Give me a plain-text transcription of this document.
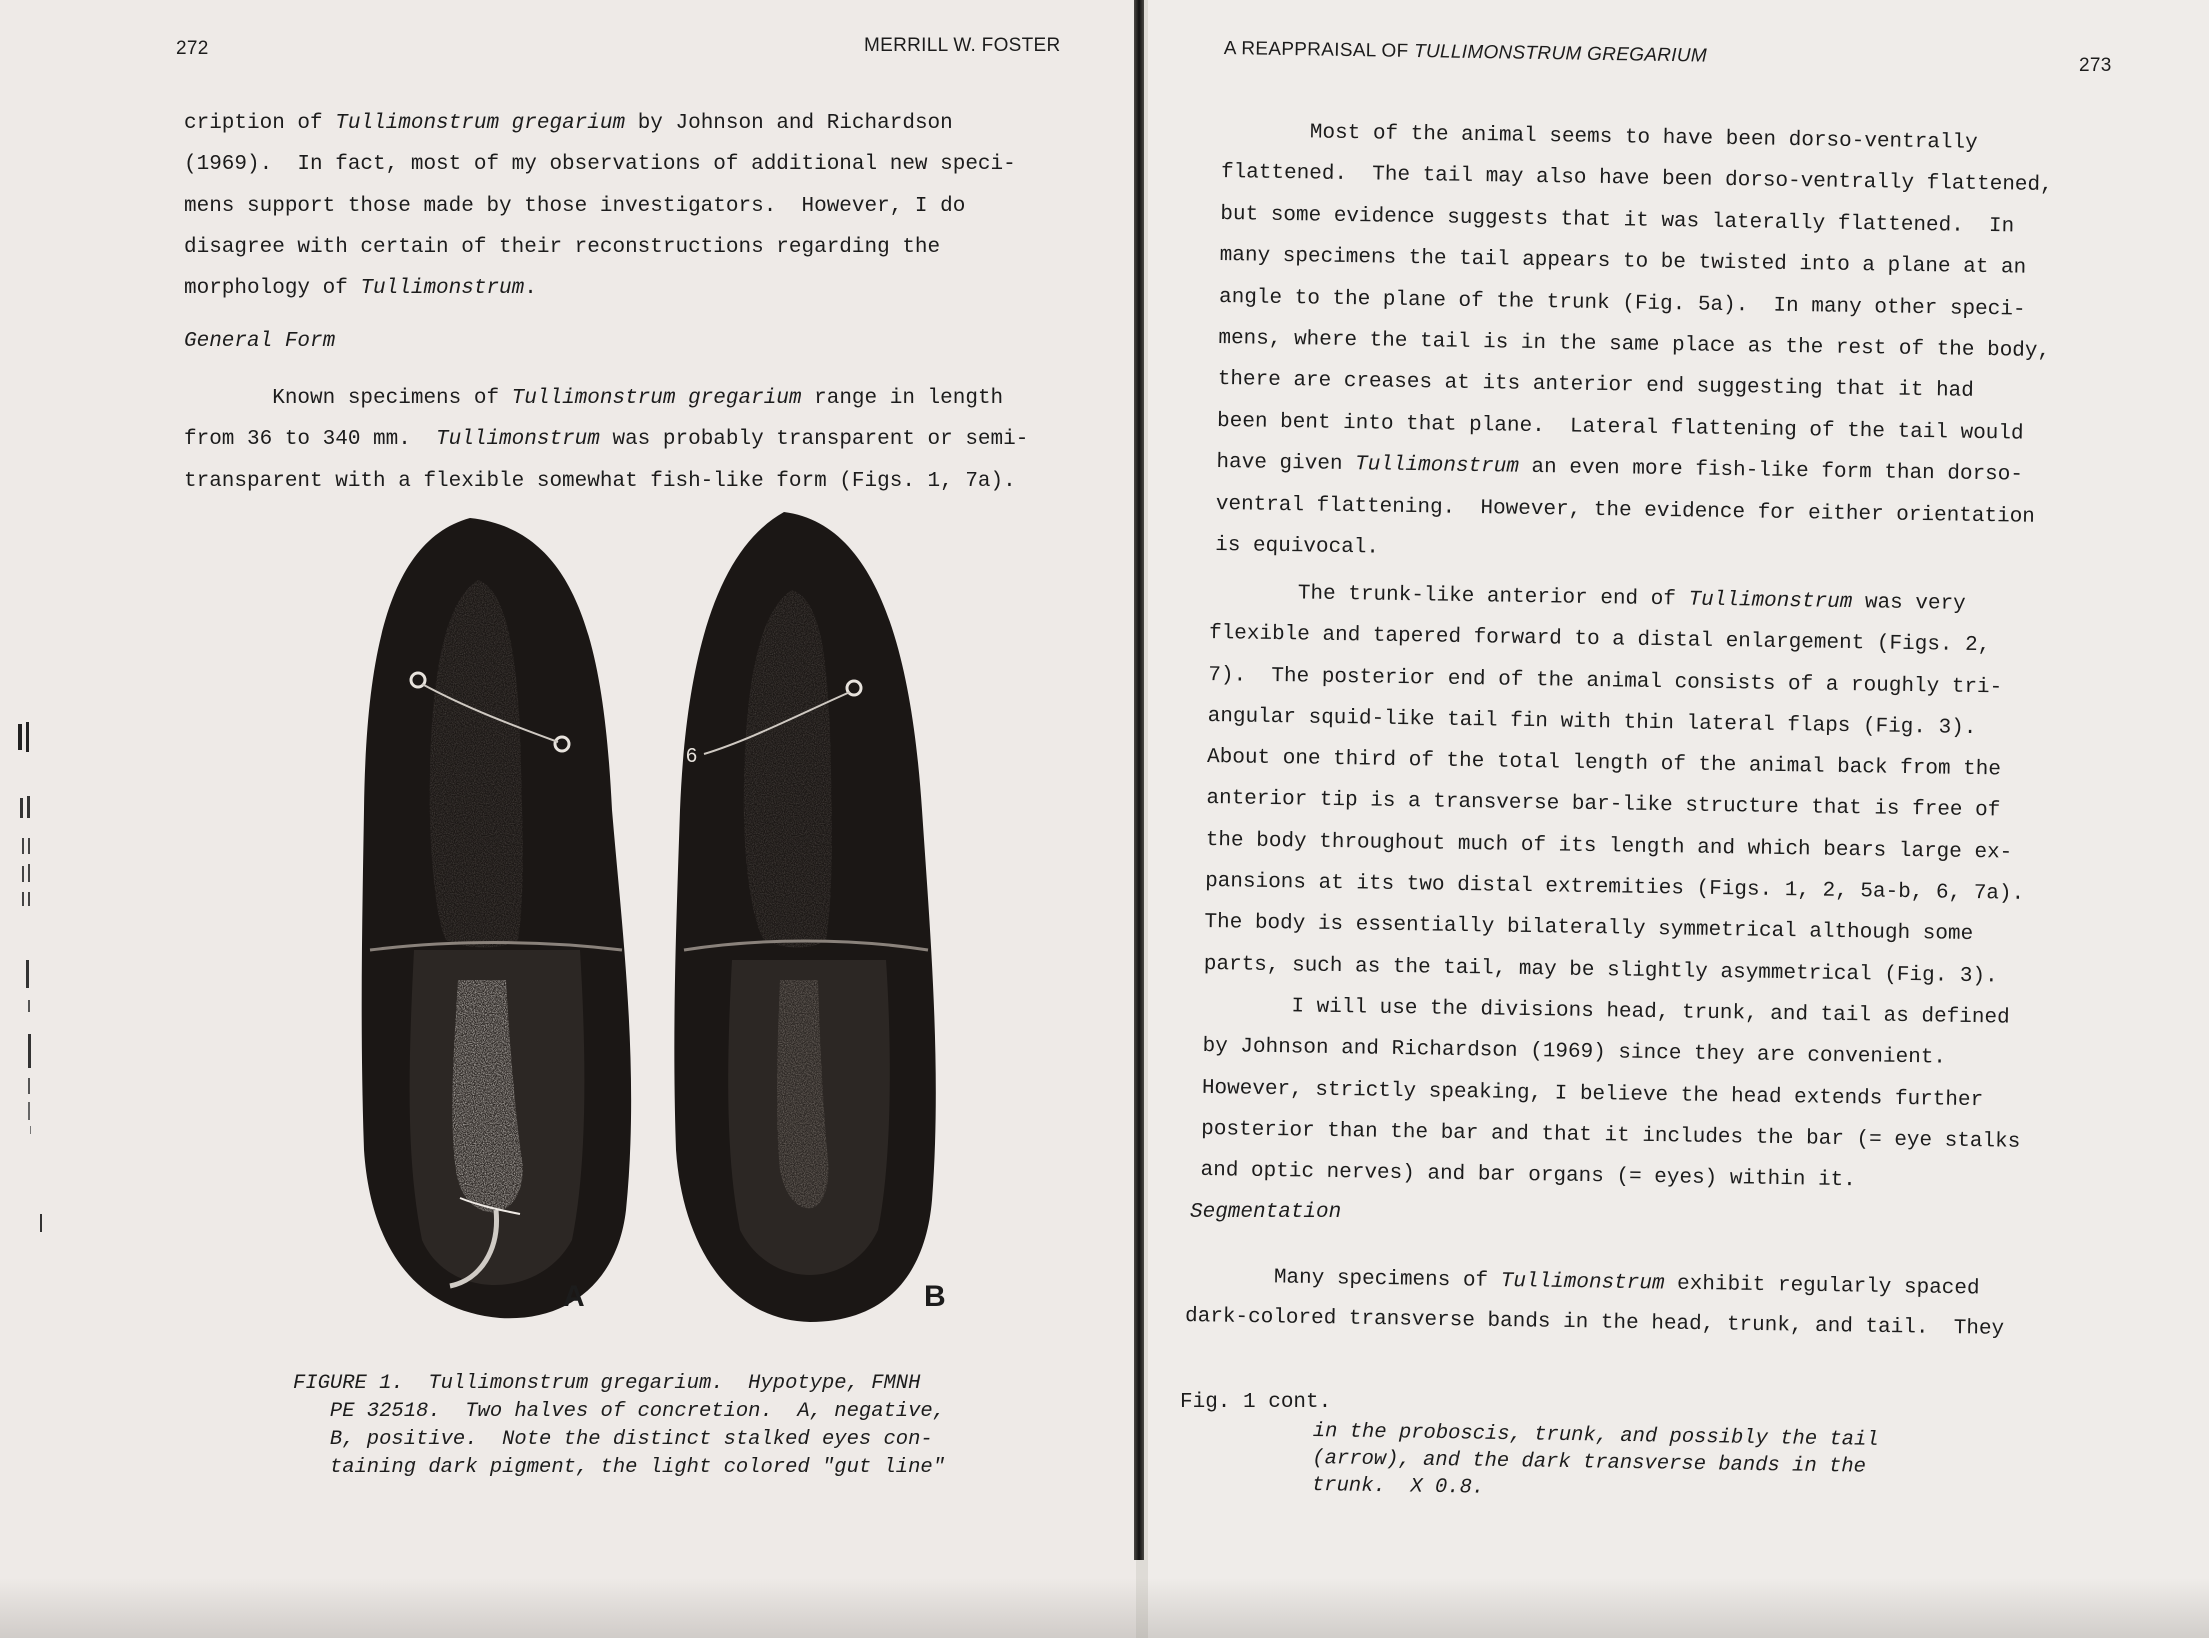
272	MERRILL W. FOSTER
cription of Tullimonstrum gregarium by Johnson and Richardson
(1969).  In fact, most of my observations of additional new speci-
mens support those made by those investigators.  However, I do
disagree with certain of their reconstructions regarding the
morphology of Tullimonstrum.
General Form
Known specimens of Tullimonstrum gregarium range in length
from 36 to 340 mm.  Tullimonstrum was probably transparent or semi-
transparent with a flexible somewhat fish-like form (Figs. 1, 7a).
6
A	B
FIGURE 1.  Tullimonstrum gregarium.  Hypotype, FMNH
PE 32518.  Two halves of concretion.  A, negative,
B, positive.  Note the distinct stalked eyes con-
taining dark pigment, the light colored "gut line"
A REAPPRAISAL OF TULLIMONSTRUM GREGARIUM	273
Most of the animal seems to have been dorso-ventrally
flattened.  The tail may also have been dorso-ventrally flattened,
but some evidence suggests that it was laterally flattened.  In
many specimens the tail appears to be twisted into a plane at an
angle to the plane of the trunk (Fig. 5a).  In many other speci-
mens, where the tail is in the same place as the rest of the body,
there are creases at its anterior end suggesting that it had
been bent into that plane.  Lateral flattening of the tail would
have given Tullimonstrum an even more fish-like form than dorso-
ventral flattening.  However, the evidence for either orientation
is equivocal.
The trunk-like anterior end of Tullimonstrum was very
flexible and tapered forward to a distal enlargement (Figs. 2,
7).  The posterior end of the animal consists of a roughly tri-
angular squid-like tail fin with thin lateral flaps (Fig. 3).
About one third of the total length of the animal back from the
anterior tip is a transverse bar-like structure that is free of
the body throughout much of its length and which bears large ex-
pansions at its two distal extremities (Figs. 1, 2, 5a-b, 6, 7a).
The body is essentially bilaterally symmetrical although some
parts, such as the tail, may be slightly asymmetrical (Fig. 3).
I will use the divisions head, trunk, and tail as defined
by Johnson and Richardson (1969) since they are convenient.
However, strictly speaking, I believe the head extends further
posterior than the bar and that it includes the bar (= eye stalks
and optic nerves) and bar organs (= eyes) within it.
Segmentation
Many specimens of Tullimonstrum exhibit regularly spaced
dark-colored transverse bands in the head, trunk, and tail.  They
Fig. 1 cont.
in the proboscis, trunk, and possibly the tail
(arrow), and the dark transverse bands in the
trunk.  X 0.8.
